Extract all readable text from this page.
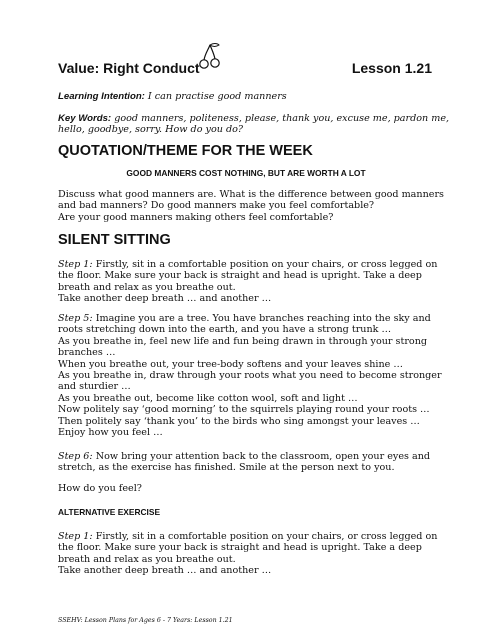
Value: Right Conduct	Lesson 1.21

Learning Intention: I can practise good manners

Key Words: good manners, politeness, please, thank you, excuse me, pardon me,
hello, goodbye, sorry. How do you do?

QUOTATION/THEME FOR THE WEEK
GOOD MANNERS COST NOTHING, BUT ARE WORTH A LOT

Discuss what good manners are. What is the difference between good manners
and bad manners? Do good manners make you feel comfortable?
Are your good manners making others feel comfortable?

SILENT SITTING

Step 1: Firstly, sit in a comfortable position on your chairs, or cross legged on
the floor. Make sure your back is straight and head is upright. Take a deep
breath and relax as you breathe out.
Take another deep breath … and another …

Step 5: Imagine you are a tree. You have branches reaching into the sky and
roots stretching down into the earth, and you have a strong trunk …
As you breathe in, feel new life and fun being drawn in through your strong
branches …
When you breathe out, your tree-body softens and your leaves shine …
As you breathe in, draw through your roots what you need to become stronger
and sturdier …
As you breathe out, become like cotton wool, soft and light …
Now politely say ‘good morning’ to the squirrels playing round your roots …
Then politely say ‘thank you’ to the birds who sing amongst your leaves …
Enjoy how you feel …

Step 6: Now bring your attention back to the classroom, open your eyes and
stretch, as the exercise has finished. Smile at the person next to you.

How do you feel?

ALTERNATIVE EXERCISE

Step 1: Firstly, sit in a comfortable position on your chairs, or cross legged on
the floor. Make sure your back is straight and head is upright. Take a deep
breath and relax as you breathe out.
Take another deep breath … and another …

SSEHV: Lesson Plans for Ages 6 - 7 Years: Lesson 1.21
